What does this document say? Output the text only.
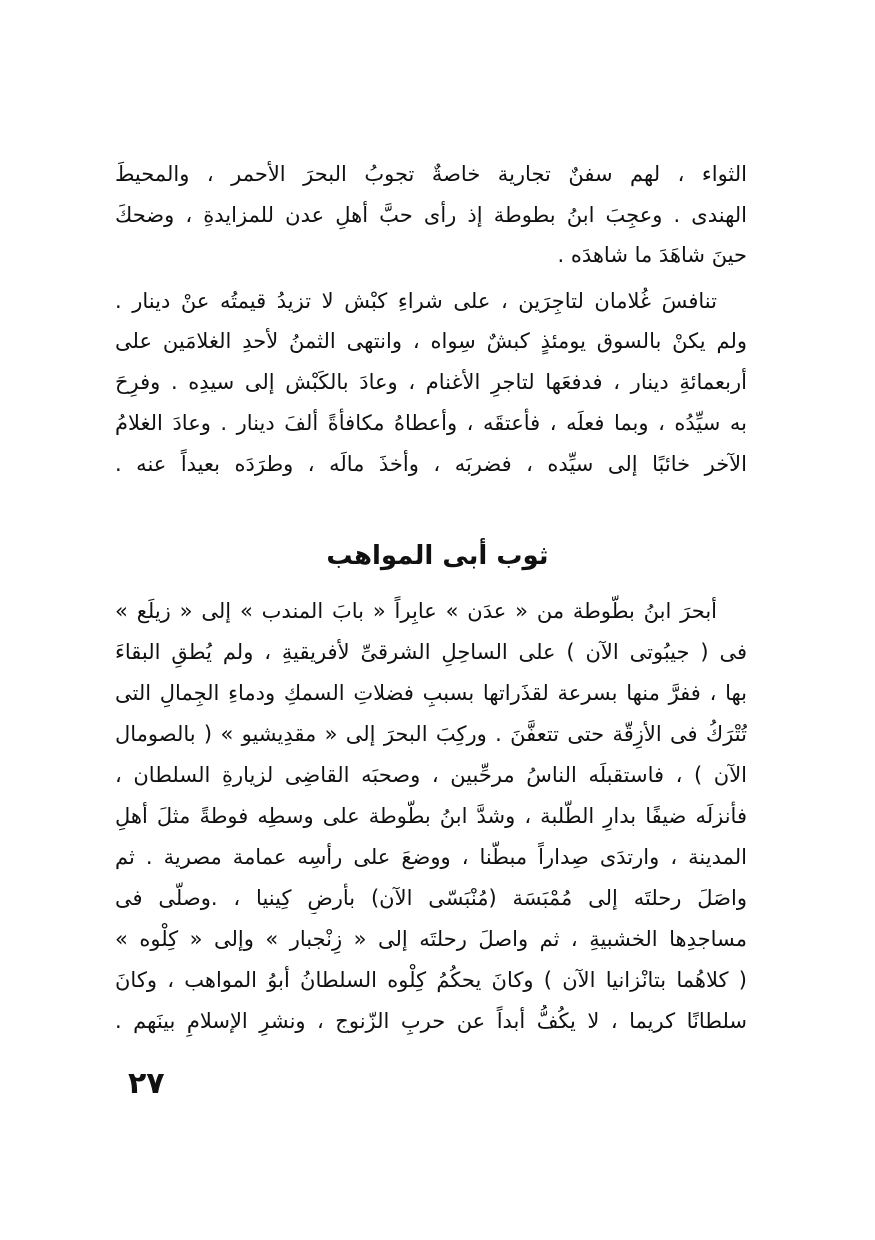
الثواء ، لهم سفنٌ تجارية خاصةٌ تجوبُ البحرَ الأحمر ، والمحيطَ
الهندى . وعجِبَ ابنُ بطوطة إذ رأى حبَّ أهلِ عدن للمزايدةِ ، وضحكَ
حينَ شاهَدَ ما شاهدَه .
تنافسَ غُلامان لتاجِرَين ، على شراءِ كبْش لا تزيدُ قيمتُه عنْ دينار .
ولم يكنْ بالسوق يومئذٍ كبشٌ سِواه ، وانتهى الثمنُ لأحدِ الغلامَين على
أربعمائةِ دينار ، فدفعَها لتاجرِ الأغنام ، وعادَ بالكَبْش إلى سيدِه . وفرِحَ
به سيِّدُه ، وبما فعلَه ، فأعتقَه ، وأعطاهُ مكافأةً ألفَ دينار . وعادَ الغلامُ
الآخر خائبًا إلى سيِّده ، فضربَه ، وأخذَ مالَه ، وطرَدَه بعيداً عنه .
ثوب أبى المواهب
أبحرَ ابنُ بطّوطة من « عدَن » عابِراً « بابَ المندب » إلى « زيلَع »
فى ( جيبُوتى الآن ) على الساحِلِ الشرقىِّ لأفريقيةِ ، ولم يُطقِ البقاءَ
بها ، ففرَّ منها بسرعة لقذَراتها بسببِ فضلاتِ السمكِ ودماءِ الجِمالِ التى
تُتْرَكُ فى الأزِقّة حتى تتعفَّنَ . وركِبَ البحرَ إلى « مقدِيشيو » ( بالصومال
الآن ) ، فاستقبلَه الناسُ مرحِّبين ، وصحبَه القاضِى لزيارةِ السلطان ،
فأنزلَه ضيفًا بدارِ الطَّلبة ، وشدَّ ابنُ بطّوطة على وسطِه فوطةً مثلَ أهلِ
المدينة ، وارتدَى صِداراً مبطّنا ، ووضعَ على رأسِه عمامة مصرية . ثم
واصَلَ رحلتَه إلى مُمْبَسَة (مُنْبَسّى الآن) بأرضِ كِينيا ، .وصلّى فى
مساجدِها الخشبيةِ ، ثم واصلَ رحلتَه إلى « زِنْجبار » وإلى « كِلْوه »
( كلاهُما بتانْزانيا الآن ) وكانَ يحكُمُ كِلْوه السلطانُ أبوُ المواهب ، وكانَ
سلطانًا كريما ، لا يكُفُّ أبداً عن حربِ الزّنوج ، ونشرِ الإسلامِ بينَهم .
٢٧
